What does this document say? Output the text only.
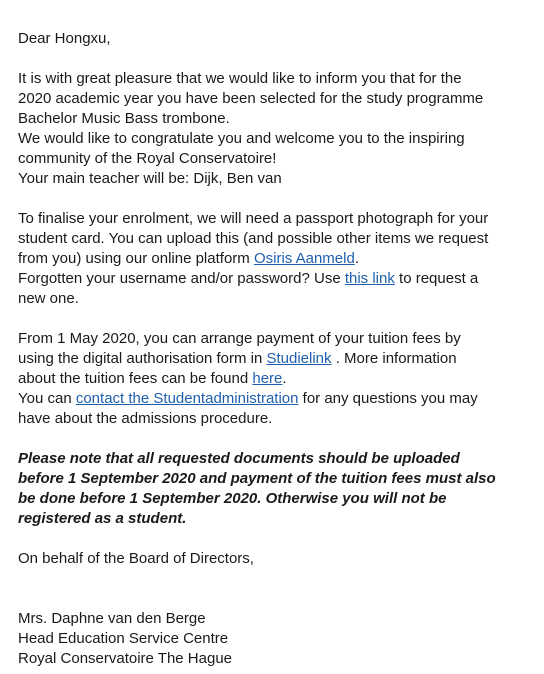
Dear Hongxu,
It is with great pleasure that we would like to inform you that for the
2020 academic year you have been selected for the study programme
Bachelor Music Bass trombone.
We would like to congratulate you and welcome you to the inspiring
community of the Royal Conservatoire!
Your main teacher will be: Dijk, Ben van
To finalise your enrolment, we will need a passport photograph for your
student card. You can upload this (and possible other items we request
from you) using our online platform Osiris Aanmeld.
Forgotten your username and/or password? Use this link to request a
new one.
From 1 May 2020, you can arrange payment of your tuition fees by
using the digital authorisation form in Studielink . More information
about the tuition fees can be found here.
You can contact the Studentadministration for any questions you may
have about the admissions procedure.
Please note that all requested documents should be uploaded
before 1 September 2020 and payment of the tuition fees must also
be done before 1 September 2020. Otherwise you will not be
registered as a student.
On behalf of the Board of Directors,
Mrs. Daphne van den Berge
Head Education Service Centre
Royal Conservatoire The Hague
